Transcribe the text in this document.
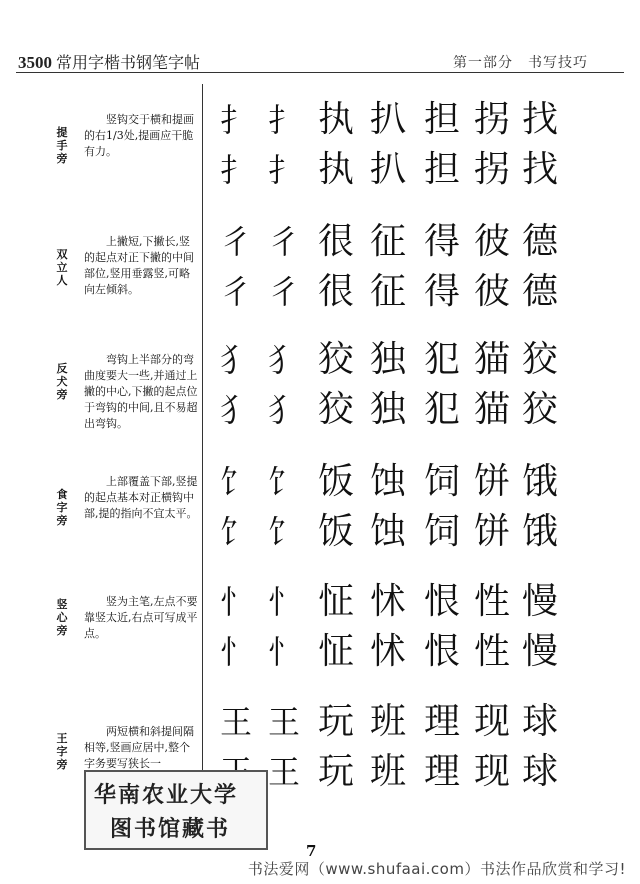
3500 常用字楷书钢笔字帖	第一部分　书写技巧
提手旁
竖钩交于横和提画的右1/3处,提画应干脆有力。
扌 扌 执 扒 担 拐 找
扌 扌 执 扒 担 拐 找
双立人
上撇短,下撇长,竖的起点对正下撇的中间部位,竖用垂露竖,可略向左倾斜。
彳 彳 很 征 得 彼 德
彳 彳 很 征 得 彼 德
反犬旁
弯钩上半部分的弯曲度要大一些,并通过上撇的中心,下撇的起点位于弯钩的中间,且不易超出弯钩。
犭 犭 狡 独 犯 猫 狡
犭 犭 狡 独 犯 猫 狡
食字旁
上部覆盖下部,竖提的起点基本对正横钩中部,提的指向不宜太平。
饣 饣 饭 蚀 饲 饼 饿
饣 饣 饭 蚀 饲 饼 饿
竖心旁
竖为主笔,左点不要靠竖太近,右点可写成平点。
忄 忄 怔 怵 恨 性 慢
忄 忄 怔 怵 恨 性 慢
王字旁
两短横和斜提间隔相等,竖画应居中,整个字务要写狭长一
王 王 玩 班 理 现 球
王 玩 班 理 现 球
华南农业大学
图书馆藏书
7
书法爱网（www.shufaai.com）书法作品欣赏和学习!
